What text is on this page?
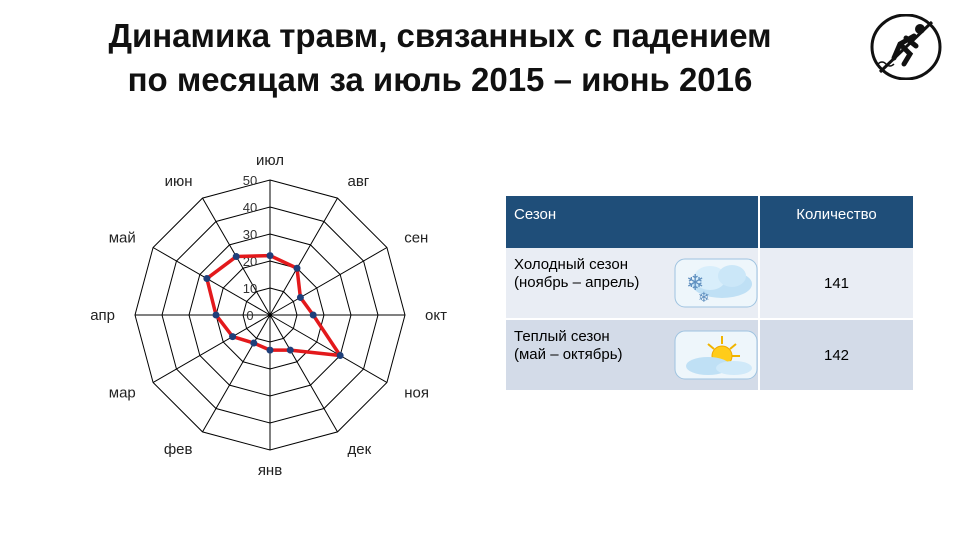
Динамика травм, связанных с падением
по месяцам за июль 2015 – июнь 2016
0
10
20
30
40
50
июл
авг
сен
окт
ноя
дек
янв
фев
мар
апр
май
июн
Сезон	Количество

Холодный сезон
(ноябрь – апрель) ❄
❄	141

Теплый сезон
(май – октябрь)	142
